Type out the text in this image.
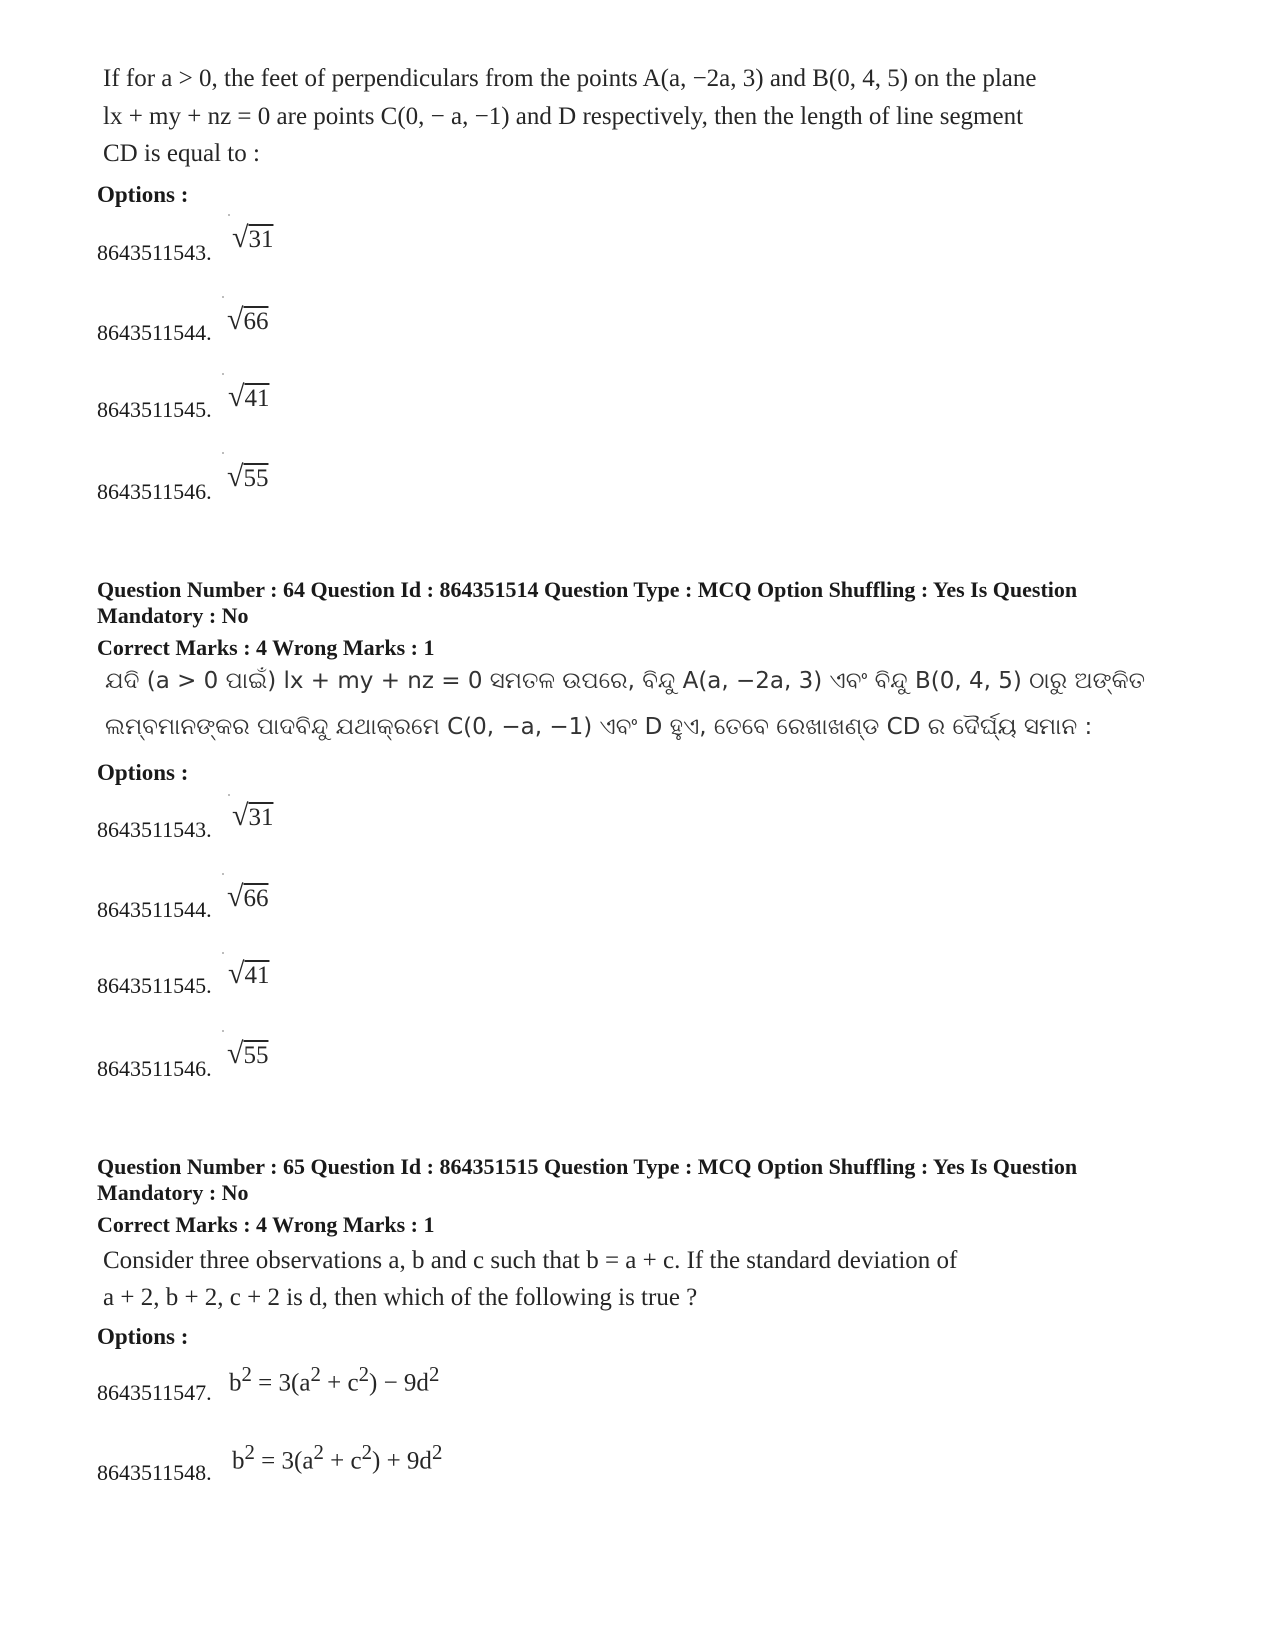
If for a > 0, the feet of perpendiculars from the points A(a, −2a, 3) and B(0, 4, 5) on the plane
lx + my + nz = 0 are points C(0, − a, −1) and D respectively, then the length of line segment
CD is equal to :
Options :
8643511543. √31
8643511544. √66
8643511545. √41
8643511546. √55
Question Number : 64 Question Id : 864351514 Question Type : MCQ Option Shuffling : Yes Is Question
Mandatory : No
Correct Marks : 4 Wrong Marks : 1
ଯଦି (a > 0 ପାଇଁ) lx + my + nz = 0 ସମତଳ ଉପରେ, ବିନ୍ଦୁ A(a, −2a, 3) ଏବଂ ବିନ୍ଦୁ B(0, 4, 5) ଠାରୁ ଅଙ୍କିତ
ଲମ୍ବମାନଙ୍କର ପାଦବିନ୍ଦୁ ଯଥାକ୍ରମେ C(0, −a, −1) ଏବଂ D ହୁଏ, ତେବେ ରେଖାଖଣ୍ଡ CD ର ଦୈର୍ଘ୍ୟ ସମାନ :
Options :
8643511543. √31
8643511544. √66
8643511545. √41
8643511546. √55
Question Number : 65 Question Id : 864351515 Question Type : MCQ Option Shuffling : Yes Is Question
Mandatory : No
Correct Marks : 4 Wrong Marks : 1
Consider three observations a, b and c such that b = a + c. If the standard deviation of
a + 2, b + 2, c + 2 is d, then which of the following is true ?
Options :
8643511547. $b^2 = 3(a^2 + c^2) - 9d^2$
8643511548. $b^2 = 3(a^2 + c^2) + 9d^2$
